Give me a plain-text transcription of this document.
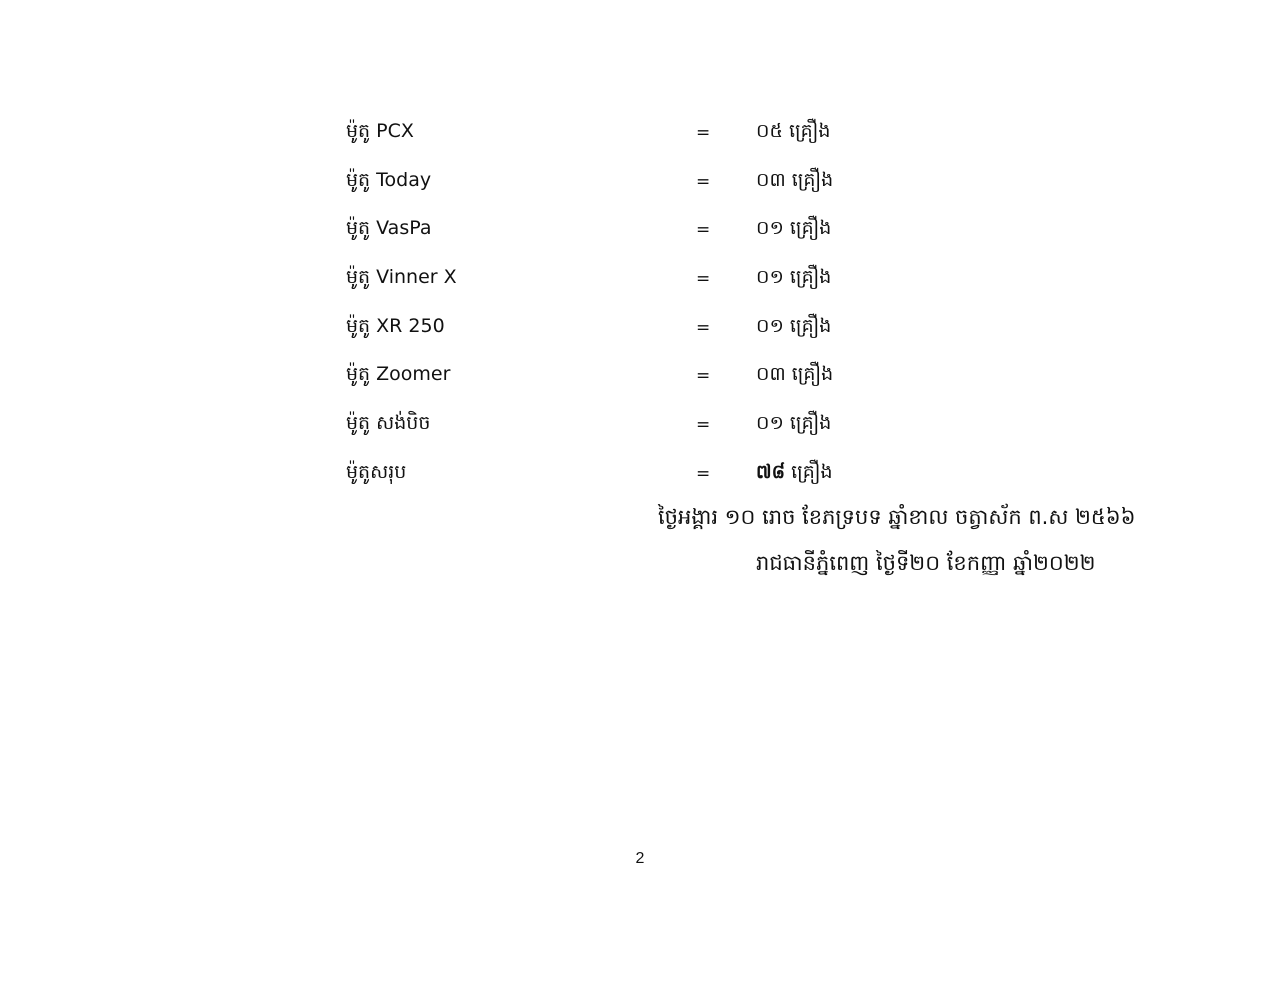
ម៉ូតូ PCX	= ០៥ គ្រឿង
ម៉ូតូ Today	= ០៣ គ្រឿង
ម៉ូតូ VasPa	= ០១ គ្រឿង
ម៉ូតូ Vinner X	= ០១ គ្រឿង
ម៉ូតូ XR 250	= ០១ គ្រឿង
ម៉ូតូ Zoomer	= ០៣ គ្រឿង
ម៉ូតូ សង់បិច	= ០១ គ្រឿង
ម៉ូតូសរុប	= ៧៨ គ្រឿង
ថ្ងៃអង្គារ ១០ រោច ខែភទ្របទ ឆ្នាំខាល ចត្វាស័ក ព.ស ២៥៦៦
រាជធានីភ្នំពេញ ថ្ងៃទី២០ ខែកញ្ញា ឆ្នាំ២០២២
2
